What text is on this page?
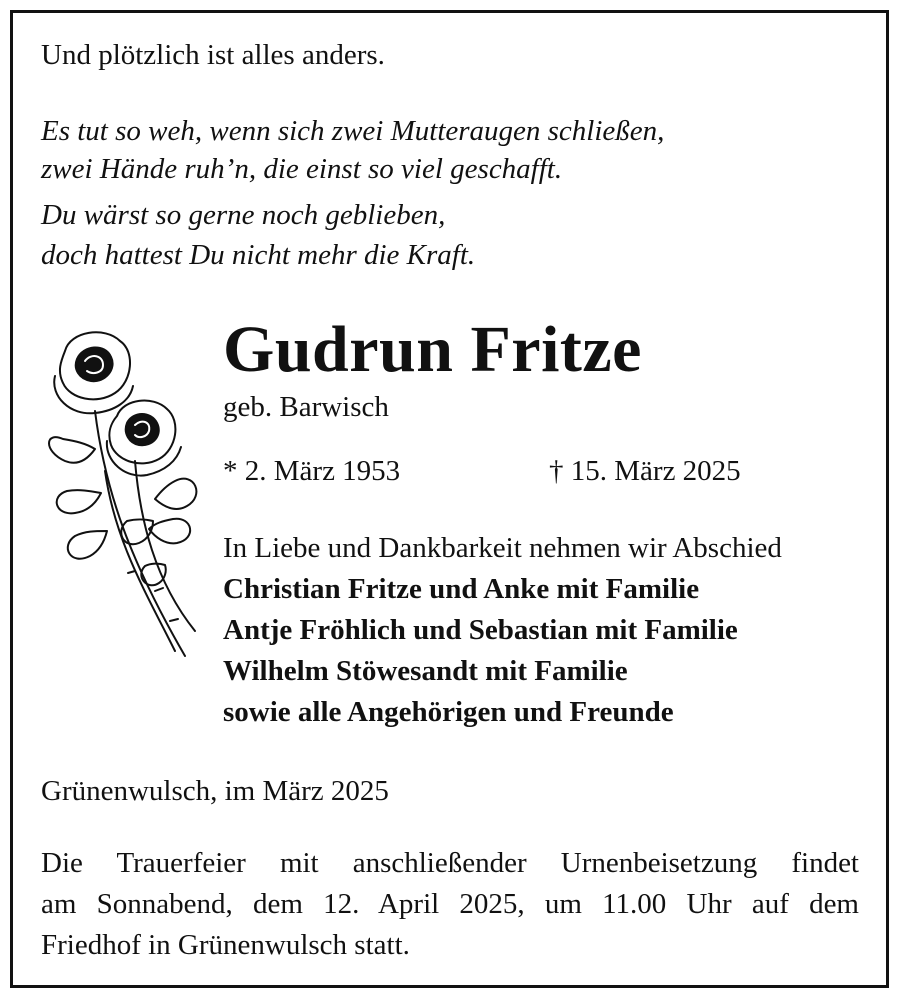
Und plötzlich ist alles anders.
Es tut so weh, wenn sich zwei Mutteraugen schließen,
zwei Hände ruh’n, die einst so viel geschafft.
Du wärst so gerne noch geblieben,
doch hattest Du nicht mehr die Kraft.
Gudrun Fritze
geb. Barwisch
* 2. März 1953	† 15. März 2025
In Liebe und Dankbarkeit nehmen wir Abschied
Christian Fritze und Anke mit Familie
Antje Fröhlich und Sebastian mit Familie
Wilhelm Stöwesandt mit Familie
sowie alle Angehörigen und Freunde
Grünenwulsch, im März 2025
Die Trauerfeier mit anschließender Urnenbeisetzung findet
am Sonnabend, dem 12. April 2025, um 11.00 Uhr auf dem
Friedhof in Grünenwulsch statt.
